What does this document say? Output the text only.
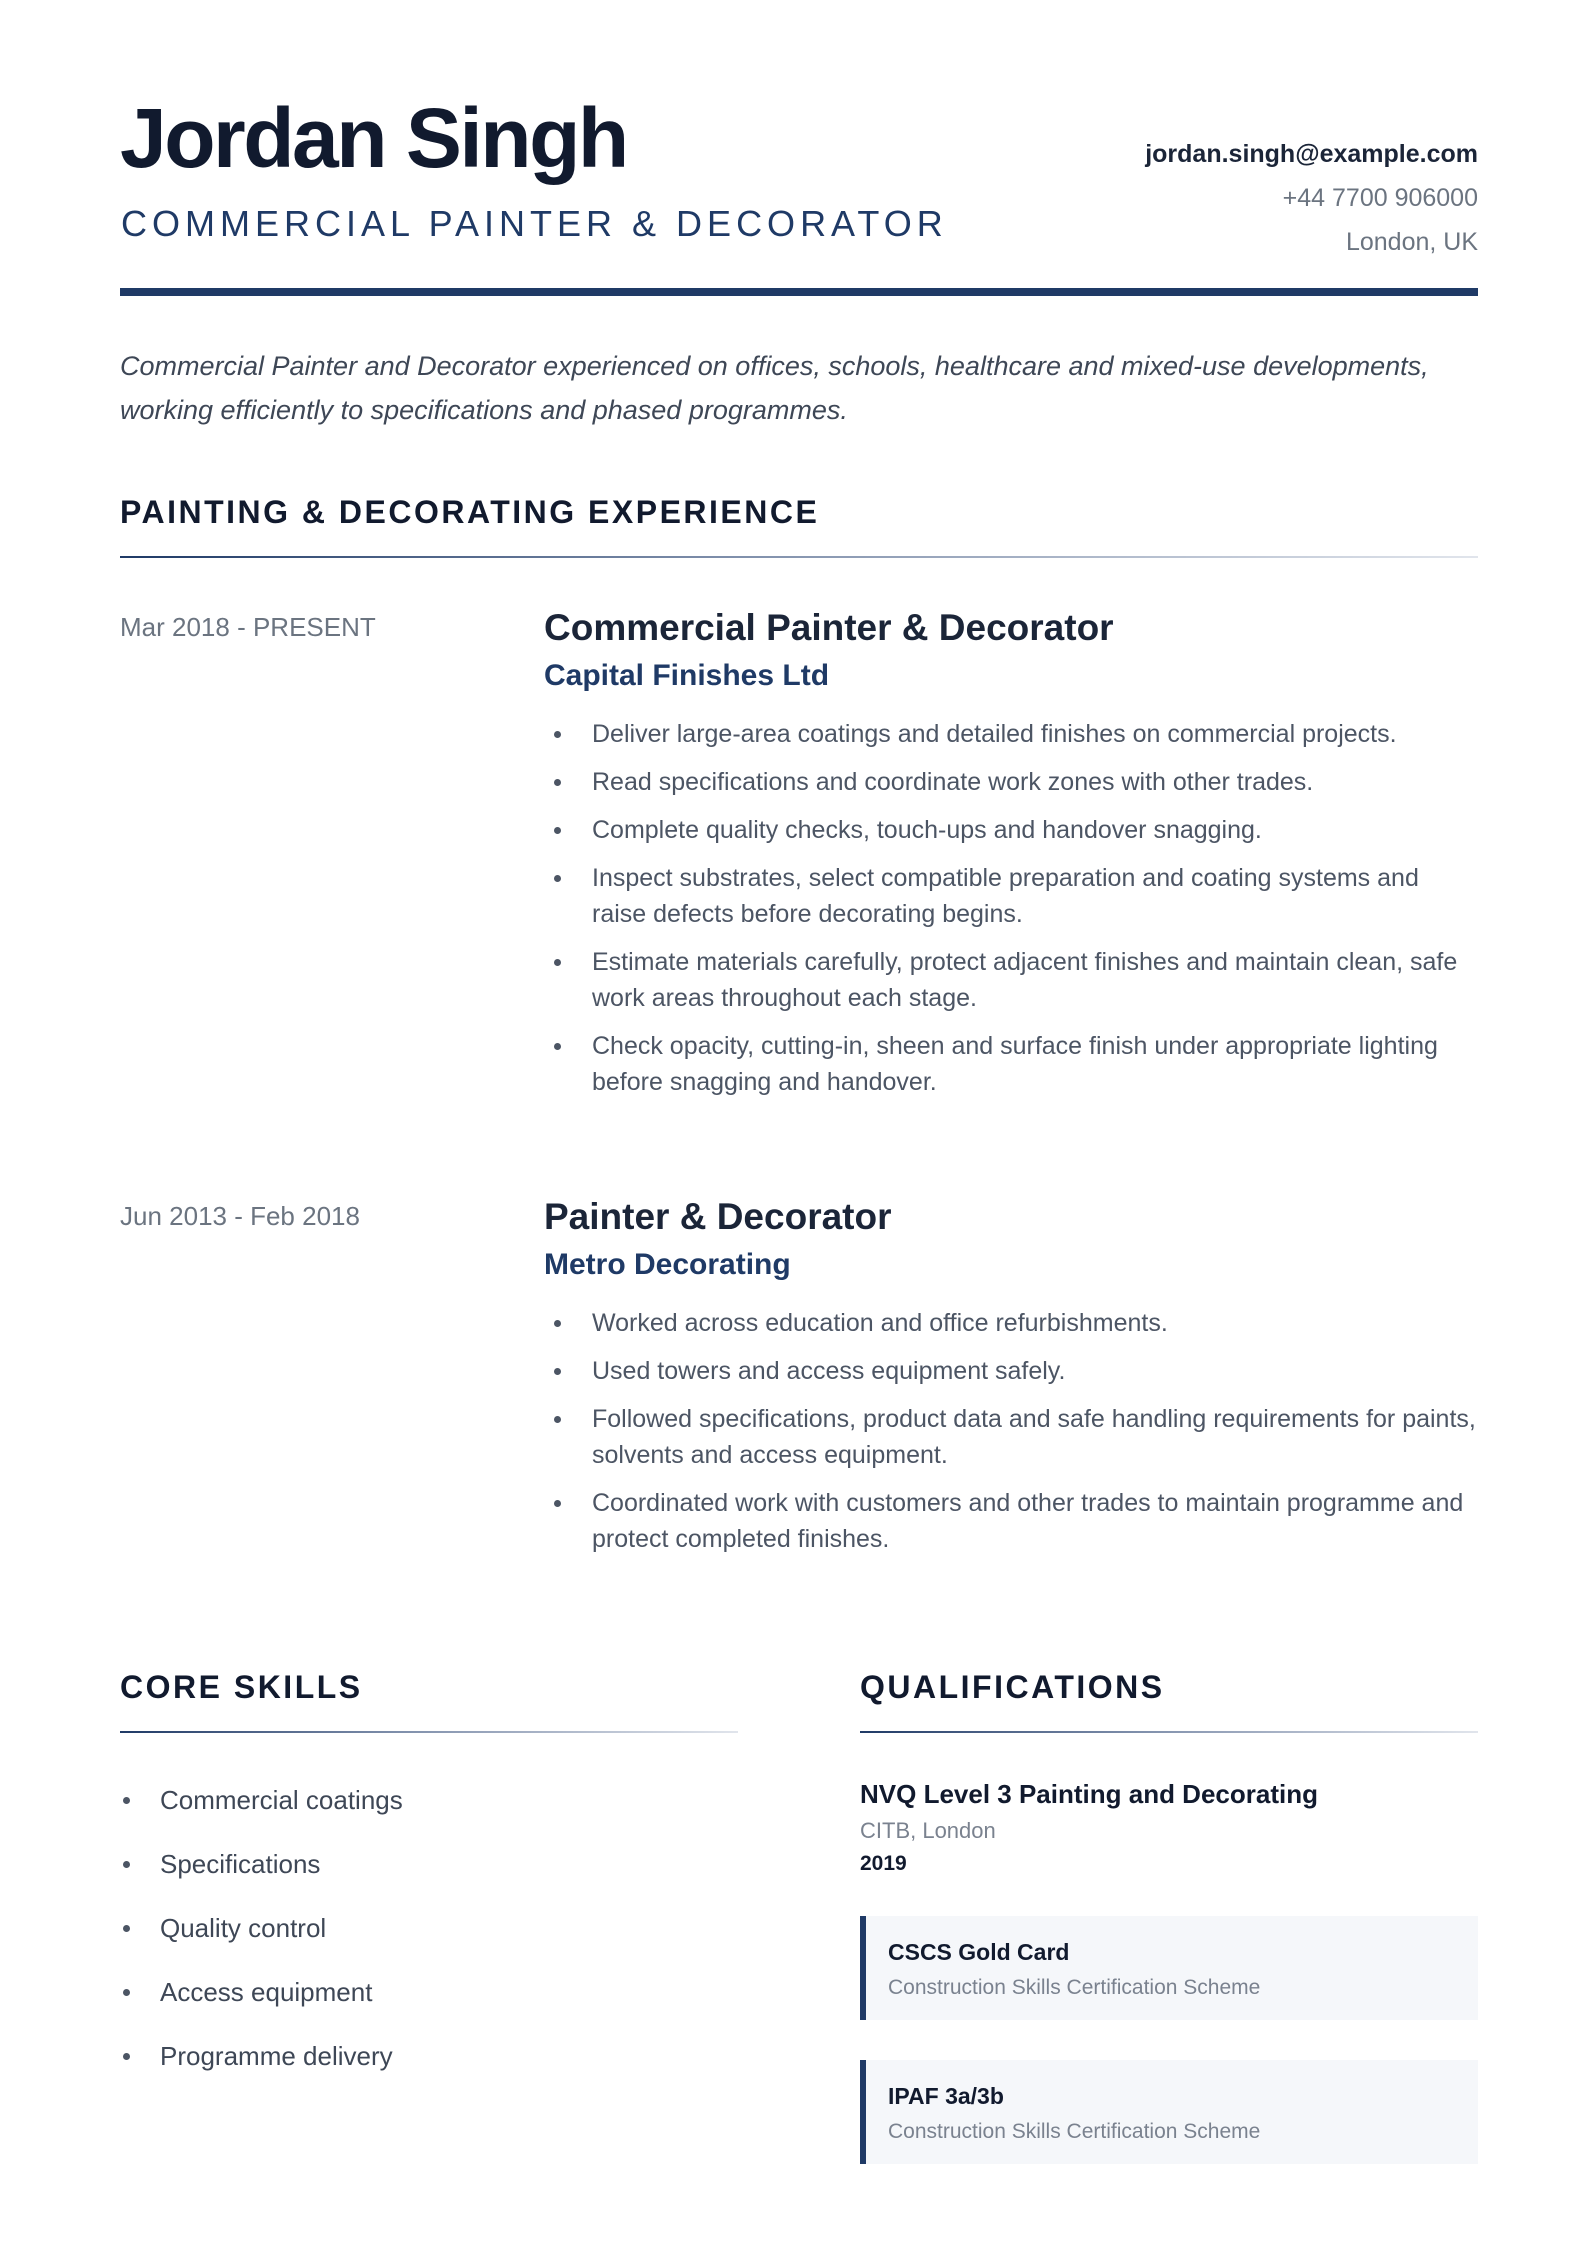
Jordan Singh
COMMERCIAL PAINTER & DECORATOR
jordan.singh@example.com
+44 7700 906000
London, UK

Commercial Painter and Decorator experienced on offices, schools, healthcare and mixed-use developments, working efficiently to specifications and phased programmes.

PAINTING & DECORATING EXPERIENCE
Mar 2018 - PRESENT	Commercial Painter & Decorator
Capital Finishes Ltd
Deliver large-area coatings and detailed finishes on commercial projects.
Read specifications and coordinate work zones with other trades.
Complete quality checks, touch-ups and handover snagging.
Inspect substrates, select compatible preparation and coating systems and raise defects before decorating begins.
Estimate materials carefully, protect adjacent finishes and maintain clean, safe work areas throughout each stage.
Check opacity, cutting-in, sheen and surface finish under appropriate lighting before snagging and handover.
Jun 2013 - Feb 2018	Painter & Decorator
Metro Decorating
Worked across education and office refurbishments.
Used towers and access equipment safely.
Followed specifications, product data and safe handling requirements for paints, solvents and access equipment.
Coordinated work with customers and other trades to maintain programme and protect completed finishes.
CORE SKILLS
Commercial coatings
Specifications
Quality control
Access equipment
Programme delivery
QUALIFICATIONS
NVQ Level 3 Painting and Decorating
CITB, London
2019
CSCS Gold Card
Construction Skills Certification Scheme
IPAF 3a/3b
Construction Skills Certification Scheme
